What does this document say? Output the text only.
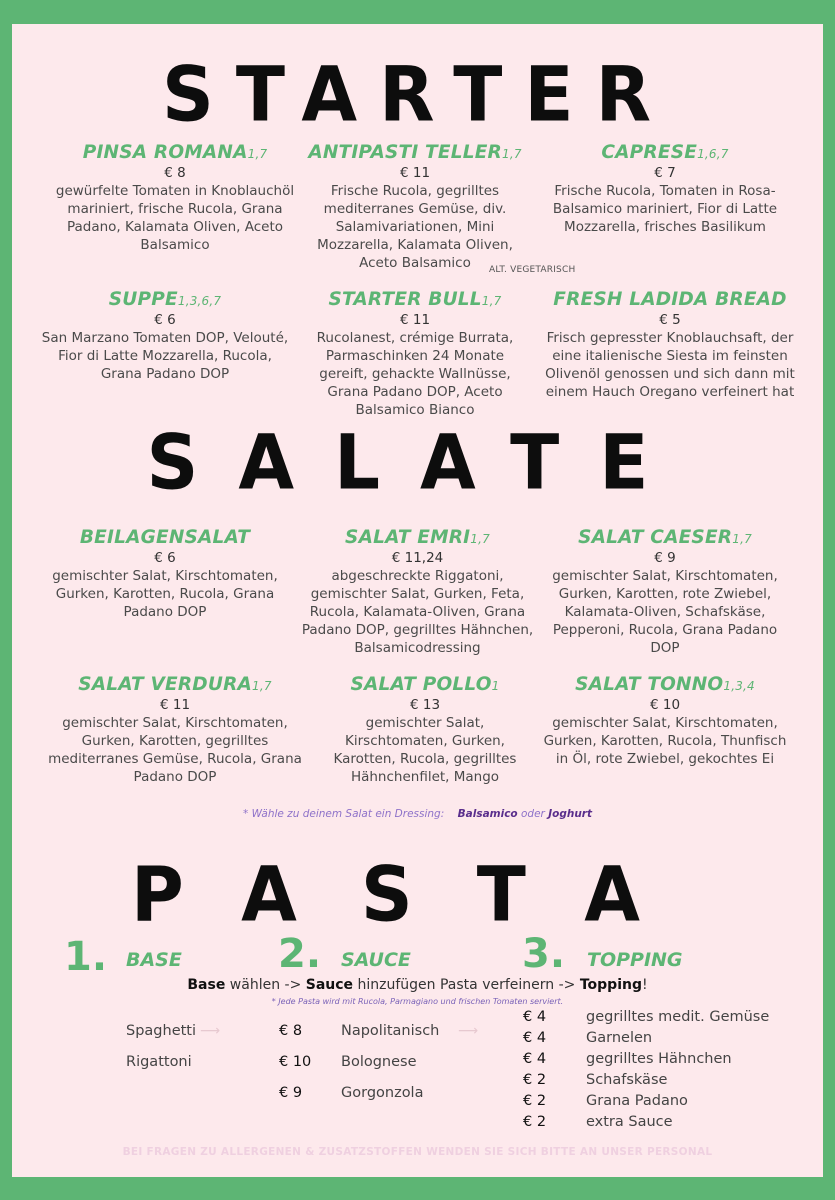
STARTER
PINSA ROMANA1,7
€ 8
gewürfelte Tomaten in Knoblauchöl mariniert, frische Rucola, Grana Padano, Kalamata Oliven, Aceto Balsamico
ANTIPASTI TELLER1,7
€ 11
Frische Rucola, gegrilltes mediterranes Gemüse, div. Salamivariationen, Mini Mozzarella, Kalamata Oliven, Aceto Balsamico
CAPRESE1,6,7
€ 7
Frische Rucola, Tomaten in Rosa-Balsamico mariniert, Fior di Latte Mozzarella, frisches Basilikum
ALT. VEGETARISCH
SUPPE1,3,6,7
€ 6
San Marzano Tomaten DOP, Velouté, Fior di Latte Mozzarella, Rucola, Grana Padano DOP
STARTER BULL1,7
€ 11
Rucolanest, crémige Burrata, Parmaschinken 24 Monate gereift, gehackte Wallnüsse, Grana Padano DOP, Aceto Balsamico Bianco
FRESH LADIDA BREAD
€ 5
Frisch gepresster Knoblauchsaft, der eine italienische Siesta im feinsten Olivenöl genossen und sich dann mit einem Hauch Oregano verfeinert hat
SALATE
BEILAGENSALAT
€ 6
gemischter Salat, Kirschtomaten, Gurken, Karotten, Rucola, Grana Padano DOP
SALAT EMRI1,7
€ 11,24
abgeschreckte Riggatoni, gemischter Salat, Gurken, Feta, Rucola, Kalamata-Oliven, Grana Padano DOP, gegrilltes Hähnchen, Balsamicodressing
SALAT CAESER1,7
€ 9
gemischter Salat, Kirschtomaten, Gurken, Karotten, rote Zwiebel, Kalamata-Oliven, Schafskäse, Pepperoni, Rucola, Grana Padano DOP
SALAT VERDURA1,7
€ 11
gemischter Salat, Kirschtomaten, Gurken, Karotten, gegrilltes mediterranes Gemüse, Rucola, Grana Padano DOP
SALAT POLLO1
€ 13
gemischter Salat, Kirschtomaten, Gurken, Karotten, Rucola, gegrilltes Hähnchenfilet, Mango
SALAT TONNO1,3,4
€ 10
gemischter Salat, Kirschtomaten, Gurken, Karotten, Rucola, Thunfisch in Öl, rote Zwiebel, gekochtes Ei
* Wähle zu deinem Salat ein Dressing: Balsamico oder Joghurt
PASTA
1. BASE 2. SAUCE	3. TOPPING
Base wählen -> Sauce hinzufügen Pasta verfeinern -> Topping!
* Jede Pasta wird mit Rucola, Parmagiano und frischen Tomaten serviert.
Spaghetti ⟶
Rigattoni
€ 8	Napolitanisch ⟶
€ 10 Bolognese
€ 9	Gorgonzola
€ 4	gegrilltes medit. Gemüse
€ 4	Garnelen
€ 4	gegrilltes Hähnchen
€ 2	Schafskäse
€ 2	Grana Padano
€ 2	extra Sauce
BEI FRAGEN ZU ALLERGENEN & ZUSATZSTOFFEN WENDEN SIE SICH BITTE AN UNSER PERSONAL
